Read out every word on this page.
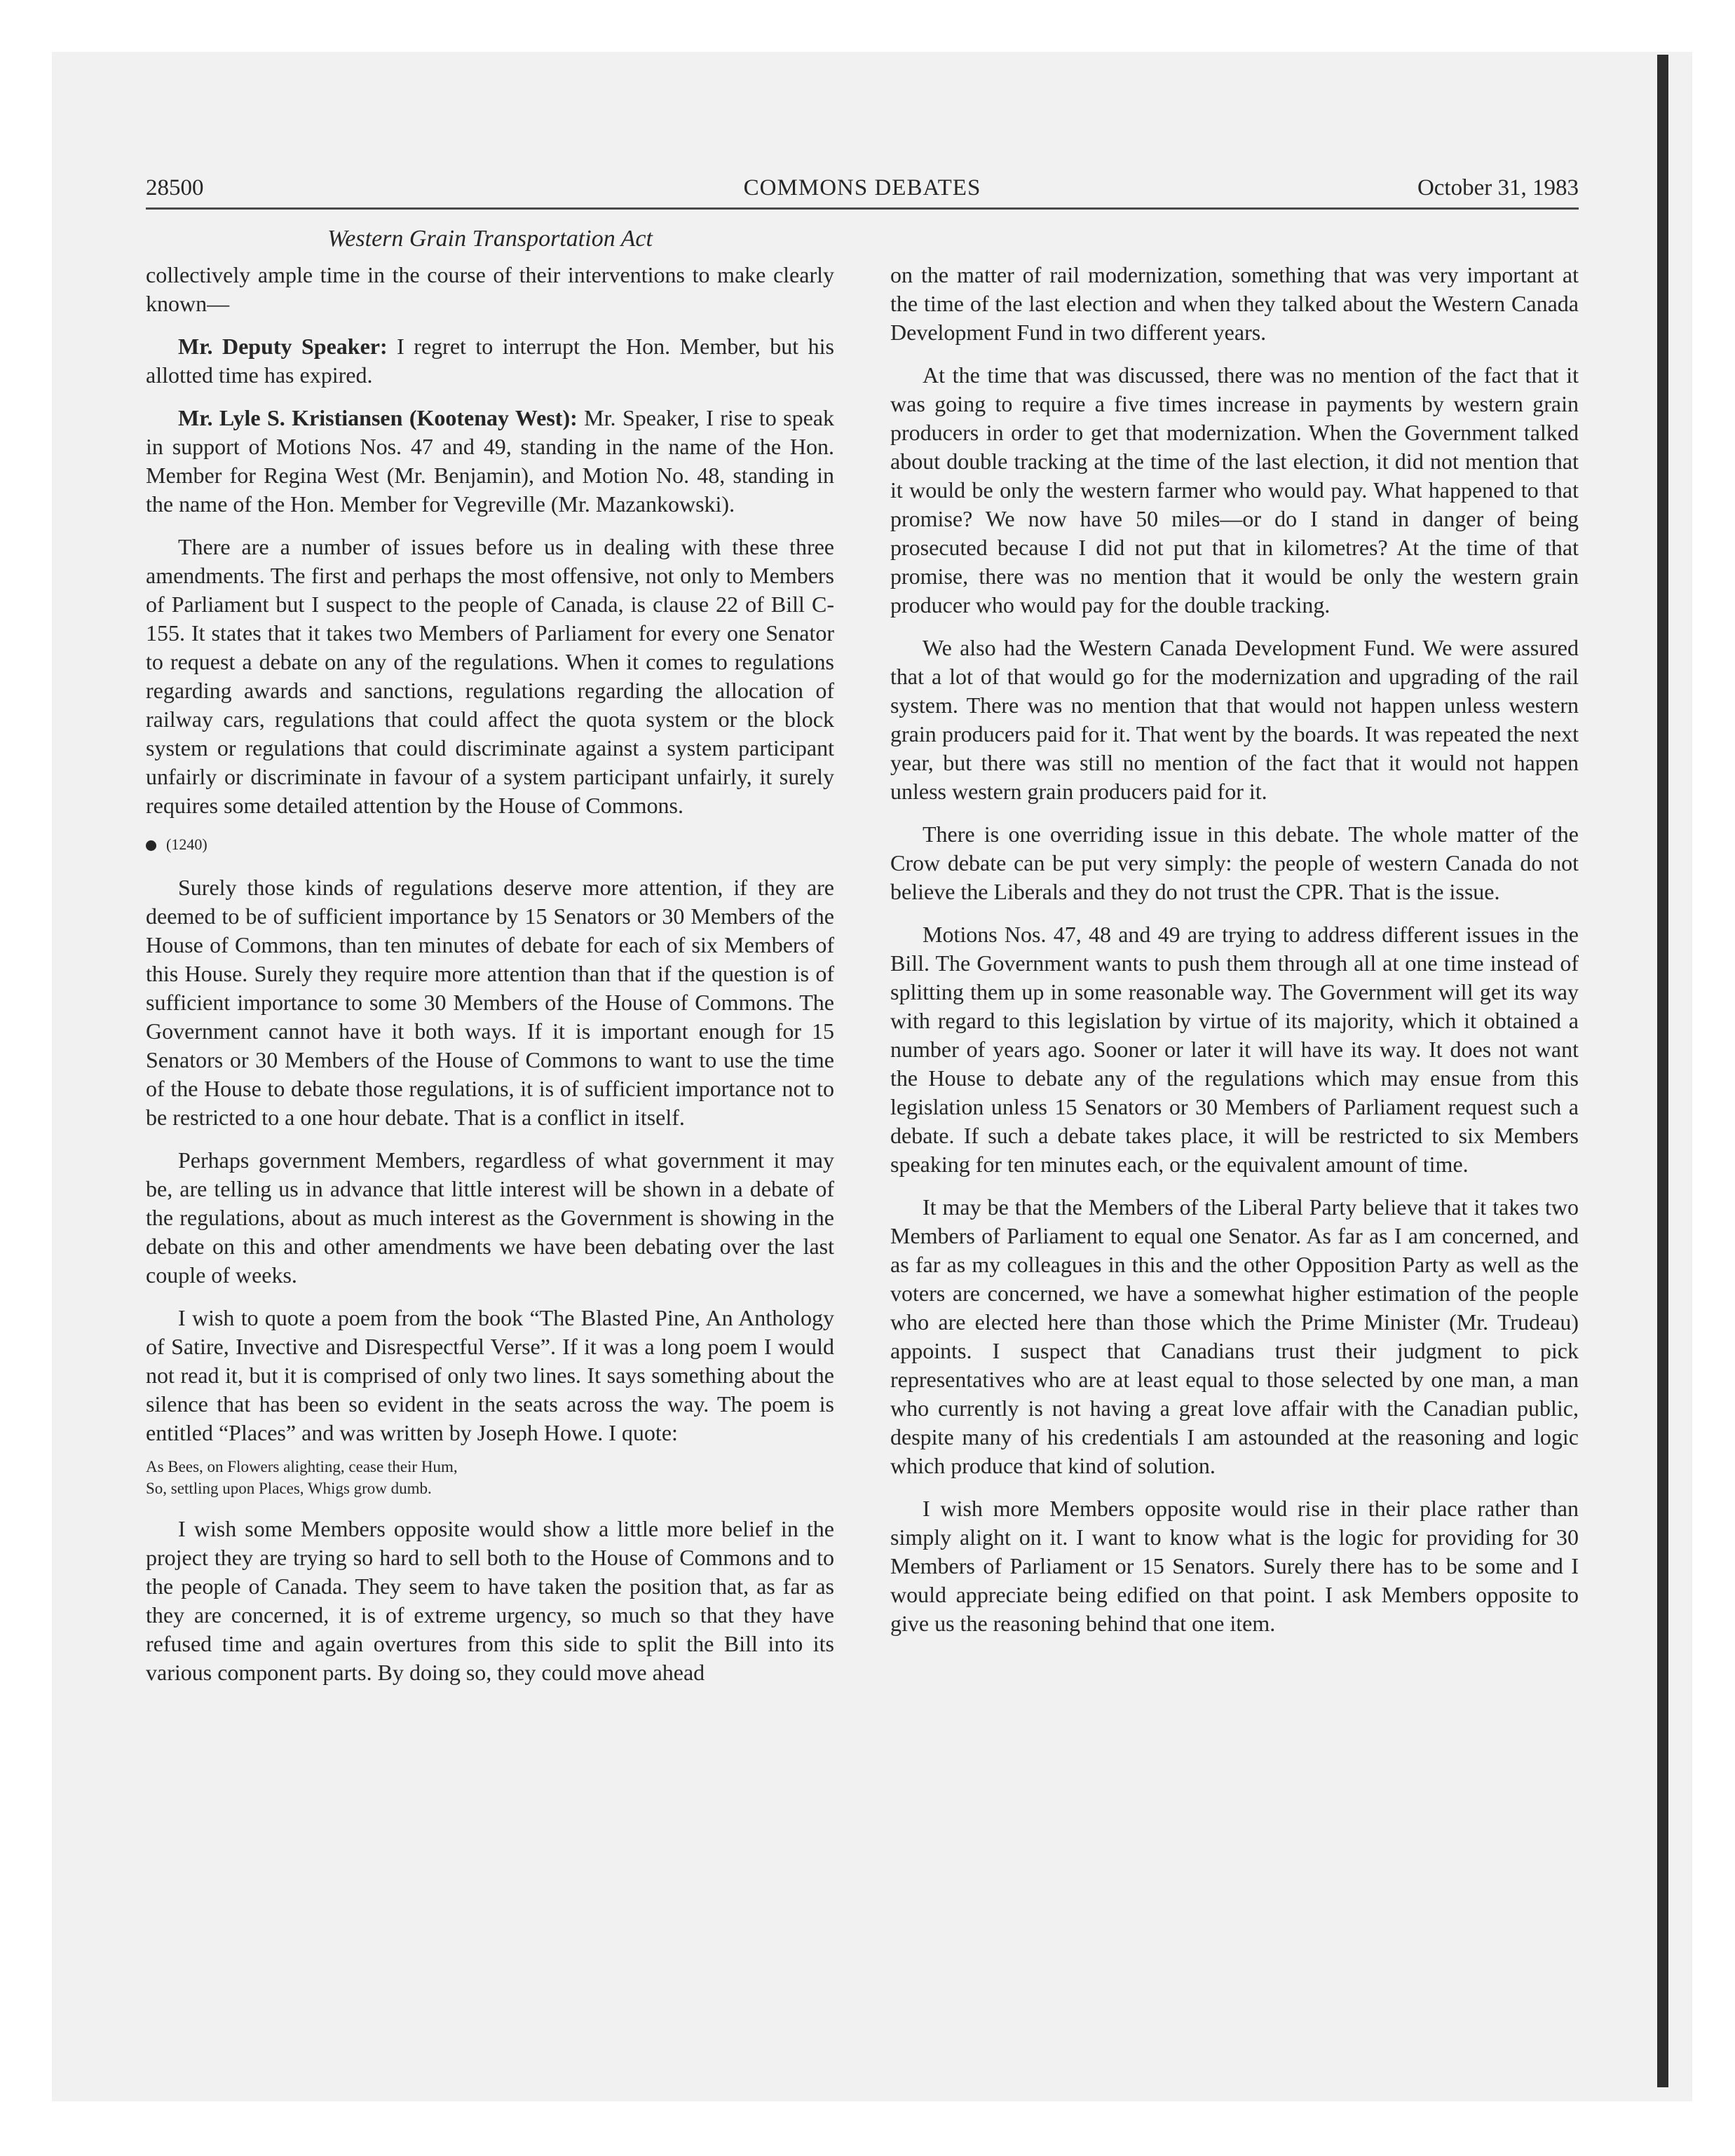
28500	COMMONS DEBATES	October 31, 1983
Western Grain Transportation Act

collectively ample time in the course of their interventions to make clearly known—

Mr. Deputy Speaker: I regret to interrupt the Hon. Member, but his allotted time has expired.

Mr. Lyle S. Kristiansen (Kootenay West): Mr. Speaker, I rise to speak in support of Motions Nos. 47 and 49, standing in the name of the Hon. Member for Regina West (Mr. Benjamin), and Motion No. 48, standing in the name of the Hon. Member for Vegreville (Mr. Mazankowski).

There are a number of issues before us in dealing with these three amendments. The first and perhaps the most offensive, not only to Members of Parliament but I suspect to the people of Canada, is clause 22 of Bill C-155. It states that it takes two Members of Parliament for every one Senator to request a debate on any of the regulations. When it comes to regulations regarding awards and sanctions, regulations regarding the allocation of railway cars, regulations that could affect the quota system or the block system or regulations that could discriminate against a system participant unfairly or discriminate in favour of a system participant unfairly, it surely requires some detailed attention by the House of Commons.

(1240)

Surely those kinds of regulations deserve more attention, if they are deemed to be of sufficient importance by 15 Senators or 30 Members of the House of Commons, than ten minutes of debate for each of six Members of this House. Surely they require more attention than that if the question is of sufficient importance to some 30 Members of the House of Commons. The Government cannot have it both ways. If it is important enough for 15 Senators or 30 Members of the House of Commons to want to use the time of the House to debate those regulations, it is of sufficient importance not to be restricted to a one hour debate. That is a conflict in itself.

Perhaps government Members, regardless of what government it may be, are telling us in advance that little interest will be shown in a debate of the regulations, about as much interest as the Government is showing in the debate on this and other amendments we have been debating over the last couple of weeks.

I wish to quote a poem from the book “The Blasted Pine, An Anthology of Satire, Invective and Disrespectful Verse”. If it was a long poem I would not read it, but it is comprised of only two lines. It says something about the silence that has been so evident in the seats across the way. The poem is entitled “Places” and was written by Joseph Howe. I quote:

As Bees, on Flowers alighting, cease their Hum,
So, settling upon Places, Whigs grow dumb.

I wish some Members opposite would show a little more belief in the project they are trying so hard to sell both to the House of Commons and to the people of Canada. They seem to have taken the position that, as far as they are concerned, it is of extreme urgency, so much so that they have refused time and again overtures from this side to split the Bill into its various component parts. By doing so, they could move ahead

on the matter of rail modernization, something that was very important at the time of the last election and when they talked about the Western Canada Development Fund in two different years.

At the time that was discussed, there was no mention of the fact that it was going to require a five times increase in payments by western grain producers in order to get that modernization. When the Government talked about double tracking at the time of the last election, it did not mention that it would be only the western farmer who would pay. What happened to that promise? We now have 50 miles—or do I stand in danger of being prosecuted because I did not put that in kilometres? At the time of that promise, there was no mention that it would be only the western grain producer who would pay for the double tracking.

We also had the Western Canada Development Fund. We were assured that a lot of that would go for the modernization and upgrading of the rail system. There was no mention that that would not happen unless western grain producers paid for it. That went by the boards. It was repeated the next year, but there was still no mention of the fact that it would not happen unless western grain producers paid for it.

There is one overriding issue in this debate. The whole matter of the Crow debate can be put very simply: the people of western Canada do not believe the Liberals and they do not trust the CPR. That is the issue.

Motions Nos. 47, 48 and 49 are trying to address different issues in the Bill. The Government wants to push them through all at one time instead of splitting them up in some reasonable way. The Government will get its way with regard to this legislation by virtue of its majority, which it obtained a number of years ago. Sooner or later it will have its way. It does not want the House to debate any of the regulations which may ensue from this legislation unless 15 Senators or 30 Members of Parliament request such a debate. If such a debate takes place, it will be restricted to six Members speaking for ten minutes each, or the equivalent amount of time.

It may be that the Members of the Liberal Party believe that it takes two Members of Parliament to equal one Senator. As far as I am concerned, and as far as my colleagues in this and the other Opposition Party as well as the voters are concerned, we have a somewhat higher estimation of the people who are elected here than those which the Prime Minister (Mr. Trudeau) appoints. I suspect that Canadians trust their judgment to pick representatives who are at least equal to those selected by one man, a man who currently is not having a great love affair with the Canadian public, despite many of his credentials I am astounded at the reasoning and logic which produce that kind of solution.

I wish more Members opposite would rise in their place rather than simply alight on it. I want to know what is the logic for providing for 30 Members of Parliament or 15 Senators. Surely there has to be some and I would appreciate being edified on that point. I ask Members opposite to give us the reasoning behind that one item.
